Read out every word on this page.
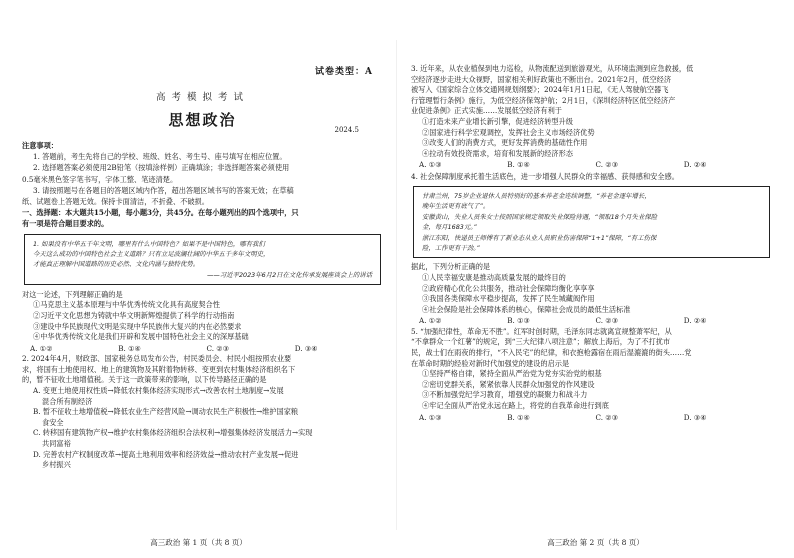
试卷类型：A

高考模拟考试

思想政治

2024.5

注意事项：

1. 答题前，考生先将自己的学校、班级、姓名、考生号、座号填写在相应位置。

2. 选择题答案必须使用2B铅笔（按填涂样例）正确填涂；非选择题答案必须使用

0.5毫米黑色签字笔书写，字体工整、笔迹清楚。

3. 请按照题号在各题目的答题区域内作答，超出答题区域书写的答案无效；在草稿

纸、试题卷上答题无效。保持卡面清洁，不折叠、不破损。

一、选择题：本大题共15小题，每小题3分，共45分。在每小题列出的四个选项中，只

有一项是符合题目要求的。

1. 如果没有中华五千年文明，哪里有什么中国特色？如果不是中国特色，哪有我们

今天这么成功的中国特色社会主义道路？只有立足波澜壮阔的中华五千多年文明史，

才能真正理解中国道路的历史必然、文化内涵与独特优势。

——习近平2023年6月2日在文化传承发展座谈会上的讲话

对这一论述，下列理解正确的是

①马克思主义基本原理与中华优秀传统文化具有高度契合性

②习近平文化思想为铸就中华文明新辉煌提供了科学的行动指南

③建设中华民族现代文明是实现中华民族伟大复兴的内在必然要求

④中华优秀传统文化是我们开辟和发展中国特色社会主义的深厚基础

A. ①②	B. ①④	C. ②③	D. ③④

2. 2024年4月，财政部、国家税务总局发布公告，村民委员会、村民小组按照农业要

求，将国有土地使用权、地上的建筑物及其附着物转移、变更到农村集体经济组织名下

的，暂不征收土地增值税。关于这一政策带来的影响，以下传导路径正确的是

A. 变更土地使用权性质→降低农村集体经济实现形式→改善农村土地制度→发展

混合所有制经济

B. 暂不征收土地增值税→降低农业生产经营风险→调动农民生产积极性→维护国家粮

食安全

C. 转移国有建筑物产权→维护农村集体经济组织合法权利→增强集体经济发展活力→实现

共同富裕

D. 完善农村产权制度改革→提高土地利用效率和经济效益→推动农村产业发展→促进

乡村振兴

高三政治 第 1 页（共 8 页）

3. 近年来，从农业植保到电力巡检，从物流配送到旅游观光，从环境监测到应急救援，低

空经济逐步走进大众视野，国家相关利好政策也不断出台。2021年2月，低空经济

被写入《国家综合立体交通网规划纲要》；2024年1月1日起，《无人驾驶航空器飞

行管理暂行条例》施行，为低空经济保驾护航；2月1日，《深圳经济特区低空经济产

业促进条例》正式实施……发展低空经济有利于

①打造未来产业增长新引擎，促进经济转型升级

②国家进行科学宏观调控，发挥社会主义市场经济优势

③改变人们的消费方式，更好发挥消费的基础性作用

④拉动有效投资需求，培育和发展新的经济形态

A. ①③	B. ①④	C. ②③	D. ②④

4. 社会保障制度承托着生活底色，进一步增强人民群众的幸福感、获得感和安全感。

甘肃兰州，75岁企业退休人员特别好的基本养老金连续调整，“养老金逐年增长，

晚年生活更有底气了”。

安徽黄山，失业人员朱女士按照国家规定领取失业保险待遇，“领取18个月失业保险

金，每月1683元。”

浙江东阳，快递员王师傅有了新业态从业人员职业伤害保障“1+1”保障，“有工伤保

险，工作更有干劲。”

据此，下列分析正确的是

①人民幸福安康是推动高质量发展的最终目的

②政府精心优化公共服务，推动社会保障均衡化享享享

③我国各类保障水平稳步提高，发挥了民生城藏阀作用

④社会保险是社会保障体系的核心，保障社会成员的最低生活标准

A. ①②	B. ①③	C. ②③	D. ②④

5. “加强纪律性，革命无不胜”。红军时创时期，毛泽东同志就离宣规整萧军纪，从

“不拿群众一个红薯”的规定，到“三大纪律八项注意”；解放上海后，为了不打扰市

民，战士们在雨夜的排行，“不入民宅”的纪律，和衣抱枪露宿在雨后湿漉漉的街头……党

在革命时期的经验对新时代加强党的建设的启示是

①坚持严格自律，紧持全面从严治党为党夯实治党的根基

②密切党群关系，紧紧依靠人民群众加强党的作风建设

③不断加强党纪学习教育，增强党的凝聚力和战斗力

④牢记全面从严治党永远在路上，将党的自我革命进行到底

A. ①③	B. ①④	C. ②③	D. ③④
高三政治 第 2 页（共 8 页）
